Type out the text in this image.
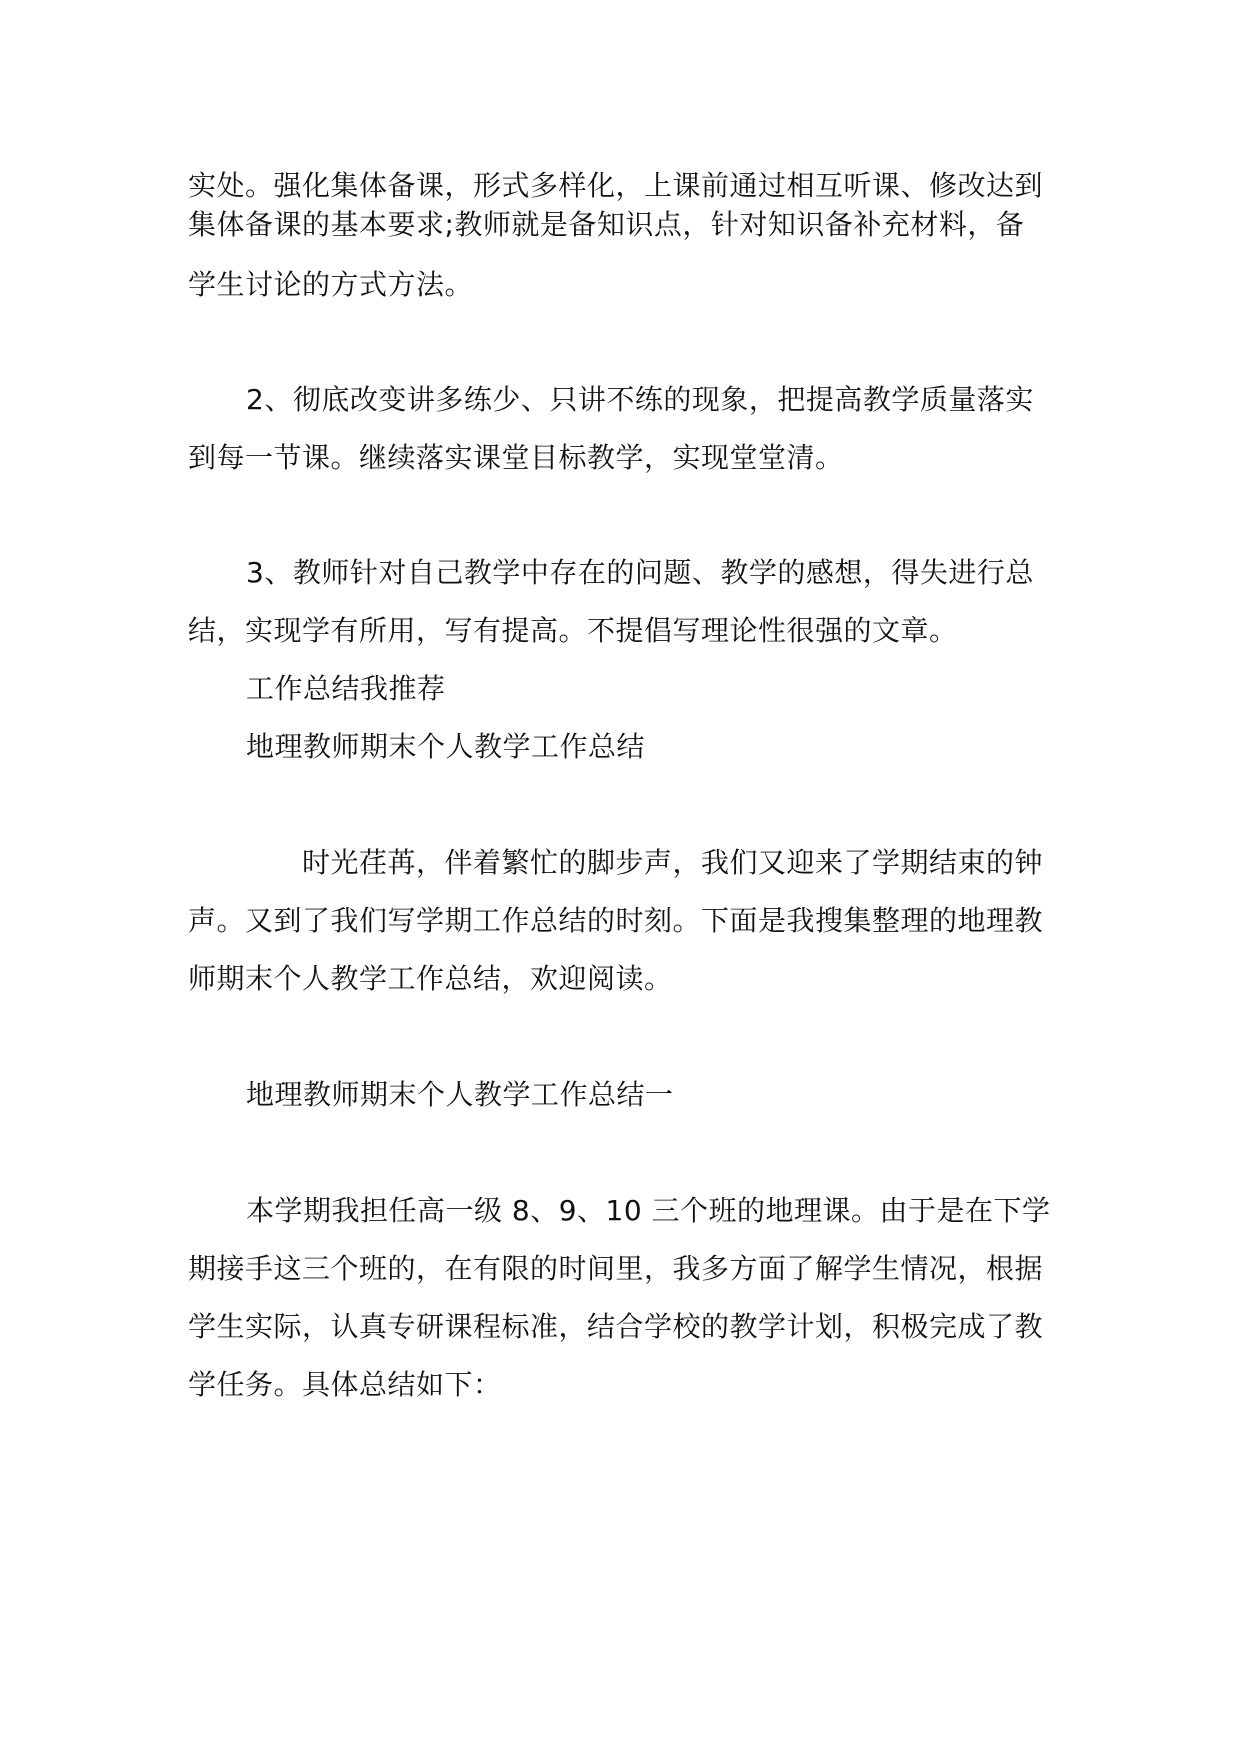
实处。强化集体备课，形式多样化，上课前通过相互听课、修改达到
集体备课的基本要求;教师就是备知识点，针对知识备补充材料，备
学生讨论的方式方法。
2、彻底改变讲多练少、只讲不练的现象，把提高教学质量落实
到每一节课。继续落实课堂目标教学，实现堂堂清。
3、教师针对自己教学中存在的问题、教学的感想，得失进行总
结，实现学有所用，写有提高。不提倡写理论性很强的文章。
工作总结我推荐
地理教师期末个人教学工作总结
时光荏苒，伴着繁忙的脚步声，我们又迎来了学期结束的钟
声。又到了我们写学期工作总结的时刻。下面是我搜集整理的地理教
师期末个人教学工作总结，欢迎阅读。
地理教师期末个人教学工作总结一
本学期我担任高一级 8、9、10 三个班的地理课。由于是在下学
期接手这三个班的，在有限的时间里，我多方面了解学生情况，根据
学生实际，认真专研课程标准，结合学校的教学计划，积极完成了教
学任务。具体总结如下：
